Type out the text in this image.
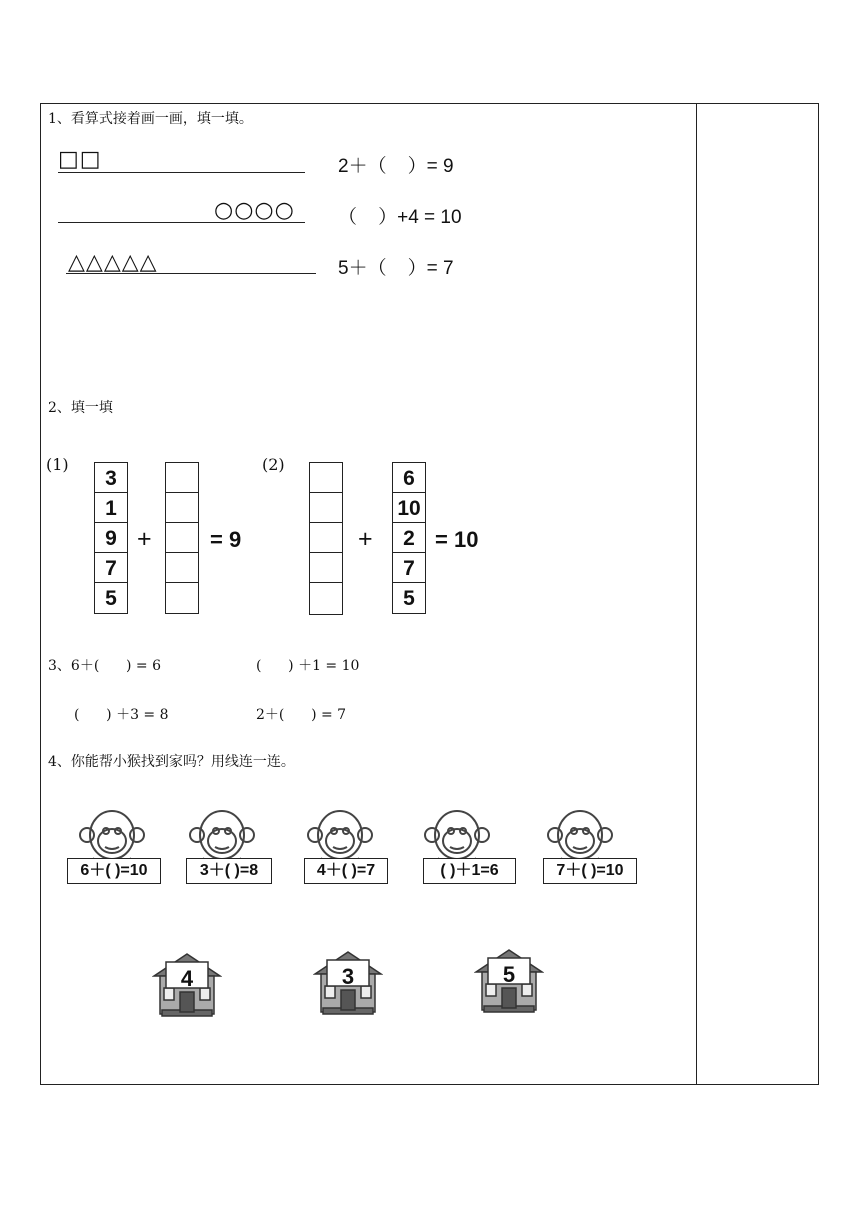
1、看算式接着画一画，填一填。
□□	2＋（    ）= 9
○○○○ （    ）+4 = 10
△△△△△	5＋（    ）= 7
2、填一填
(1)
3
1
9
7
5
+	= 9
(2)
+
6
10
2
7
5
= 10
3、6＋(      ) = 6	(      ) ＋1 = 10
(      ) ＋3 = 8	2＋(      ) = 7
4、你能帮小猴找到家吗？用线连一连。
6＋( )=10	3＋( )=8	4＋( )=7	( )＋1=6	7＋( )=10
4	3	5
